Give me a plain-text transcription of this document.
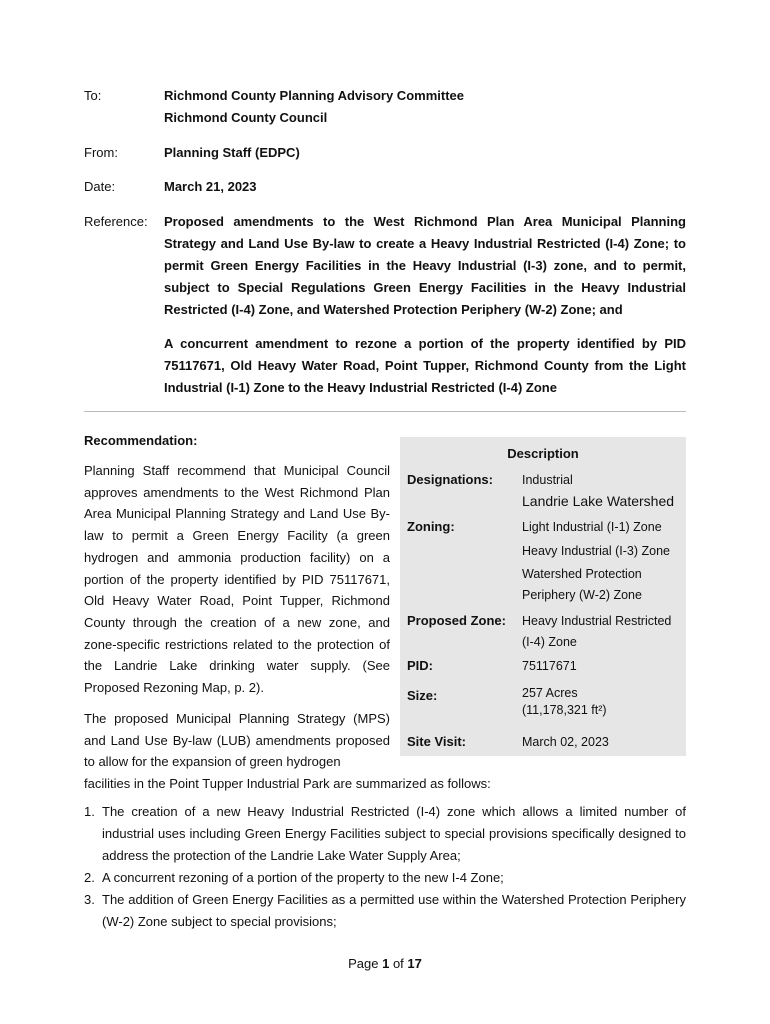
To:	Richmond County Planning Advisory Committee
Richmond County Council
From:	Planning Staff (EDPC)
Date:	March 21, 2023
Reference:	Proposed amendments to the West Richmond Plan Area Municipal Planning Strategy and Land Use By-law to create a Heavy Industrial Restricted (I-4) Zone; to permit Green Energy Facilities in the Heavy Industrial (I-3) zone, and to permit, subject to Special Regulations Green Energy Facilities in the Heavy Industrial Restricted (I-4) Zone, and Watershed Protection Periphery (W-2) Zone; and
A concurrent amendment to rezone a portion of the property identified by PID 75117671, Old Heavy Water Road, Point Tupper, Richmond County from the Light Industrial (I-1) Zone to the Heavy Industrial Restricted (I-4) Zone
Recommendation:
Planning Staff recommend that Municipal Council approves amendments to the West Richmond Plan Area Municipal Planning Strategy and Land Use By-law to permit a Green Energy Facility (a green hydrogen and ammonia production facility) on a portion of the property identified by PID 75117671, Old Heavy Water Road, Point Tupper, Richmond County through the creation of a new zone, and zone-specific restrictions related to the protection of the Landrie Lake drinking water supply. (See Proposed Rezoning Map, p. 2).
The proposed Municipal Planning Strategy (MPS) and Land Use By-law (LUB) amendments proposed to allow for the expansion of green hydrogen
facilities in the Point Tupper Industrial Park are summarized as follows:
Description
Designations: Industrial
Landrie Lake Watershed
Zoning:	Light Industrial (I-1) Zone

Heavy Industrial (I-3) Zone

Watershed Protection
Periphery (W-2) Zone
Proposed Zone: Heavy Industrial Restricted
(I-4) Zone
PID:	75117671
Size:	257 Acres
(11,178,321 ft²)
Site Visit:	March 02, 2023
1. The creation of a new Heavy Industrial Restricted (I-4) zone which allows a limited number of industrial uses including Green Energy Facilities subject to special provisions specifically designed to address the protection of the Landrie Lake Water Supply Area;
2. A concurrent rezoning of a portion of the property to the new I-4 Zone;
3. The addition of Green Energy Facilities as a permitted use within the Watershed Protection Periphery (W-2) Zone subject to special provisions;
Page 1 of 17
